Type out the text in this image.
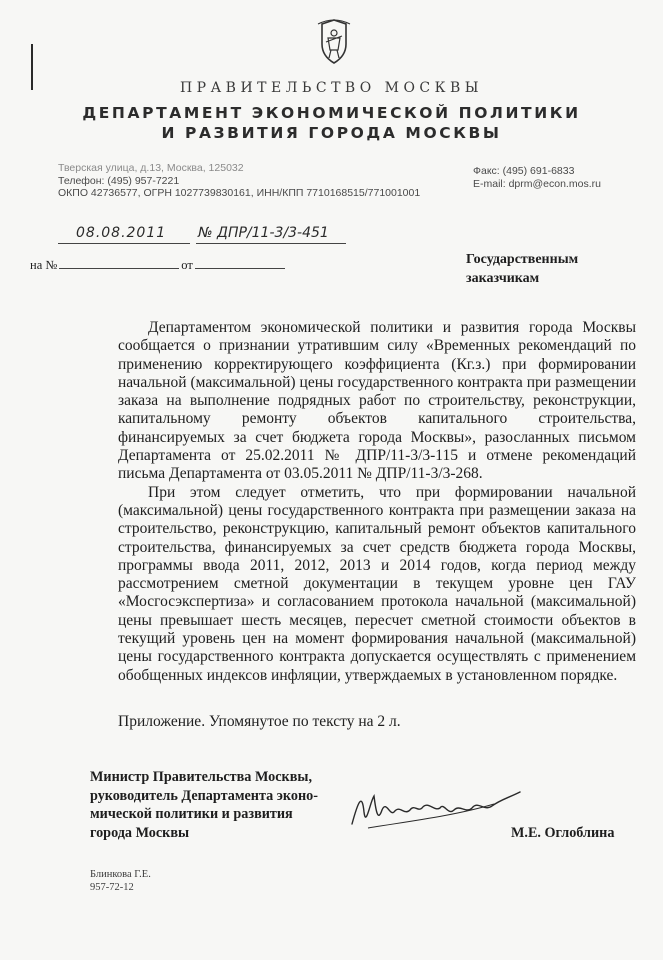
ПРАВИТЕЛЬСТВО МОСКВЫ
ДЕПАРТАМЕНТ ЭКОНОМИЧЕСКОЙ ПОЛИТИКИ
И РАЗВИТИЯ ГОРОДА МОСКВЫ
Тверская улица, д.13, Москва, 125032
Телефон: (495) 957-7221
ОКПО 42736577, ОГРН 1027739830161, ИНН/КПП 7710168515/771001001
Факс: (495) 691-6833
E-mail: dprm@econ.mos.ru
08.08.2011 № ДПР/11-3/3-451
на №	от	Государственным
заказчикам

Департаментом экономической политики и развития города Москвы сообщается о признании утратившим силу «Временных рекомендаций по применению корректирующего коэффициента (Кг.з.) при формировании начальной (максимальной) цены государственного контракта при размещении заказа на выполнение подрядных работ по строительству, реконструкции, капитальному ремонту объектов капитального строительства, финансируемых за счет бюджета города Москвы», разосланных письмом Департамента от 25.02.2011 № ДПР/11-3/3-115 и отмене рекомендаций письма Департамента от 03.05.2011 № ДПР/11-3/3-268.

При этом следует отметить, что при формировании начальной (максимальной) цены государственного контракта при размещении заказа на строительство, реконструкцию, капитальный ремонт объектов капитального строительства, финансируемых за счет средств бюджета города Москвы, программы ввода 2011, 2012, 2013 и 2014 годов, когда период между рассмотрением сметной документации в текущем уровне цен ГАУ «Мосгосэкспертиза» и согласованием протокола начальной (максимальной) цены превышает шесть месяцев, пересчет сметной стоимости объектов в текущий уровень цен на момент формирования начальной (максимальной) цены государственного контракта допускается осуществлять с применением обобщенных индексов инфляции, утверждаемых в установленном порядке.

Приложение. Упомянутое по тексту на 2 л.
Министр Правительства Москвы,
руководитель Департамента эконо-
мической политики и развития
города Москвы	М.Е. Оглоблина
Блинкова Г.Е.
957-72-12
